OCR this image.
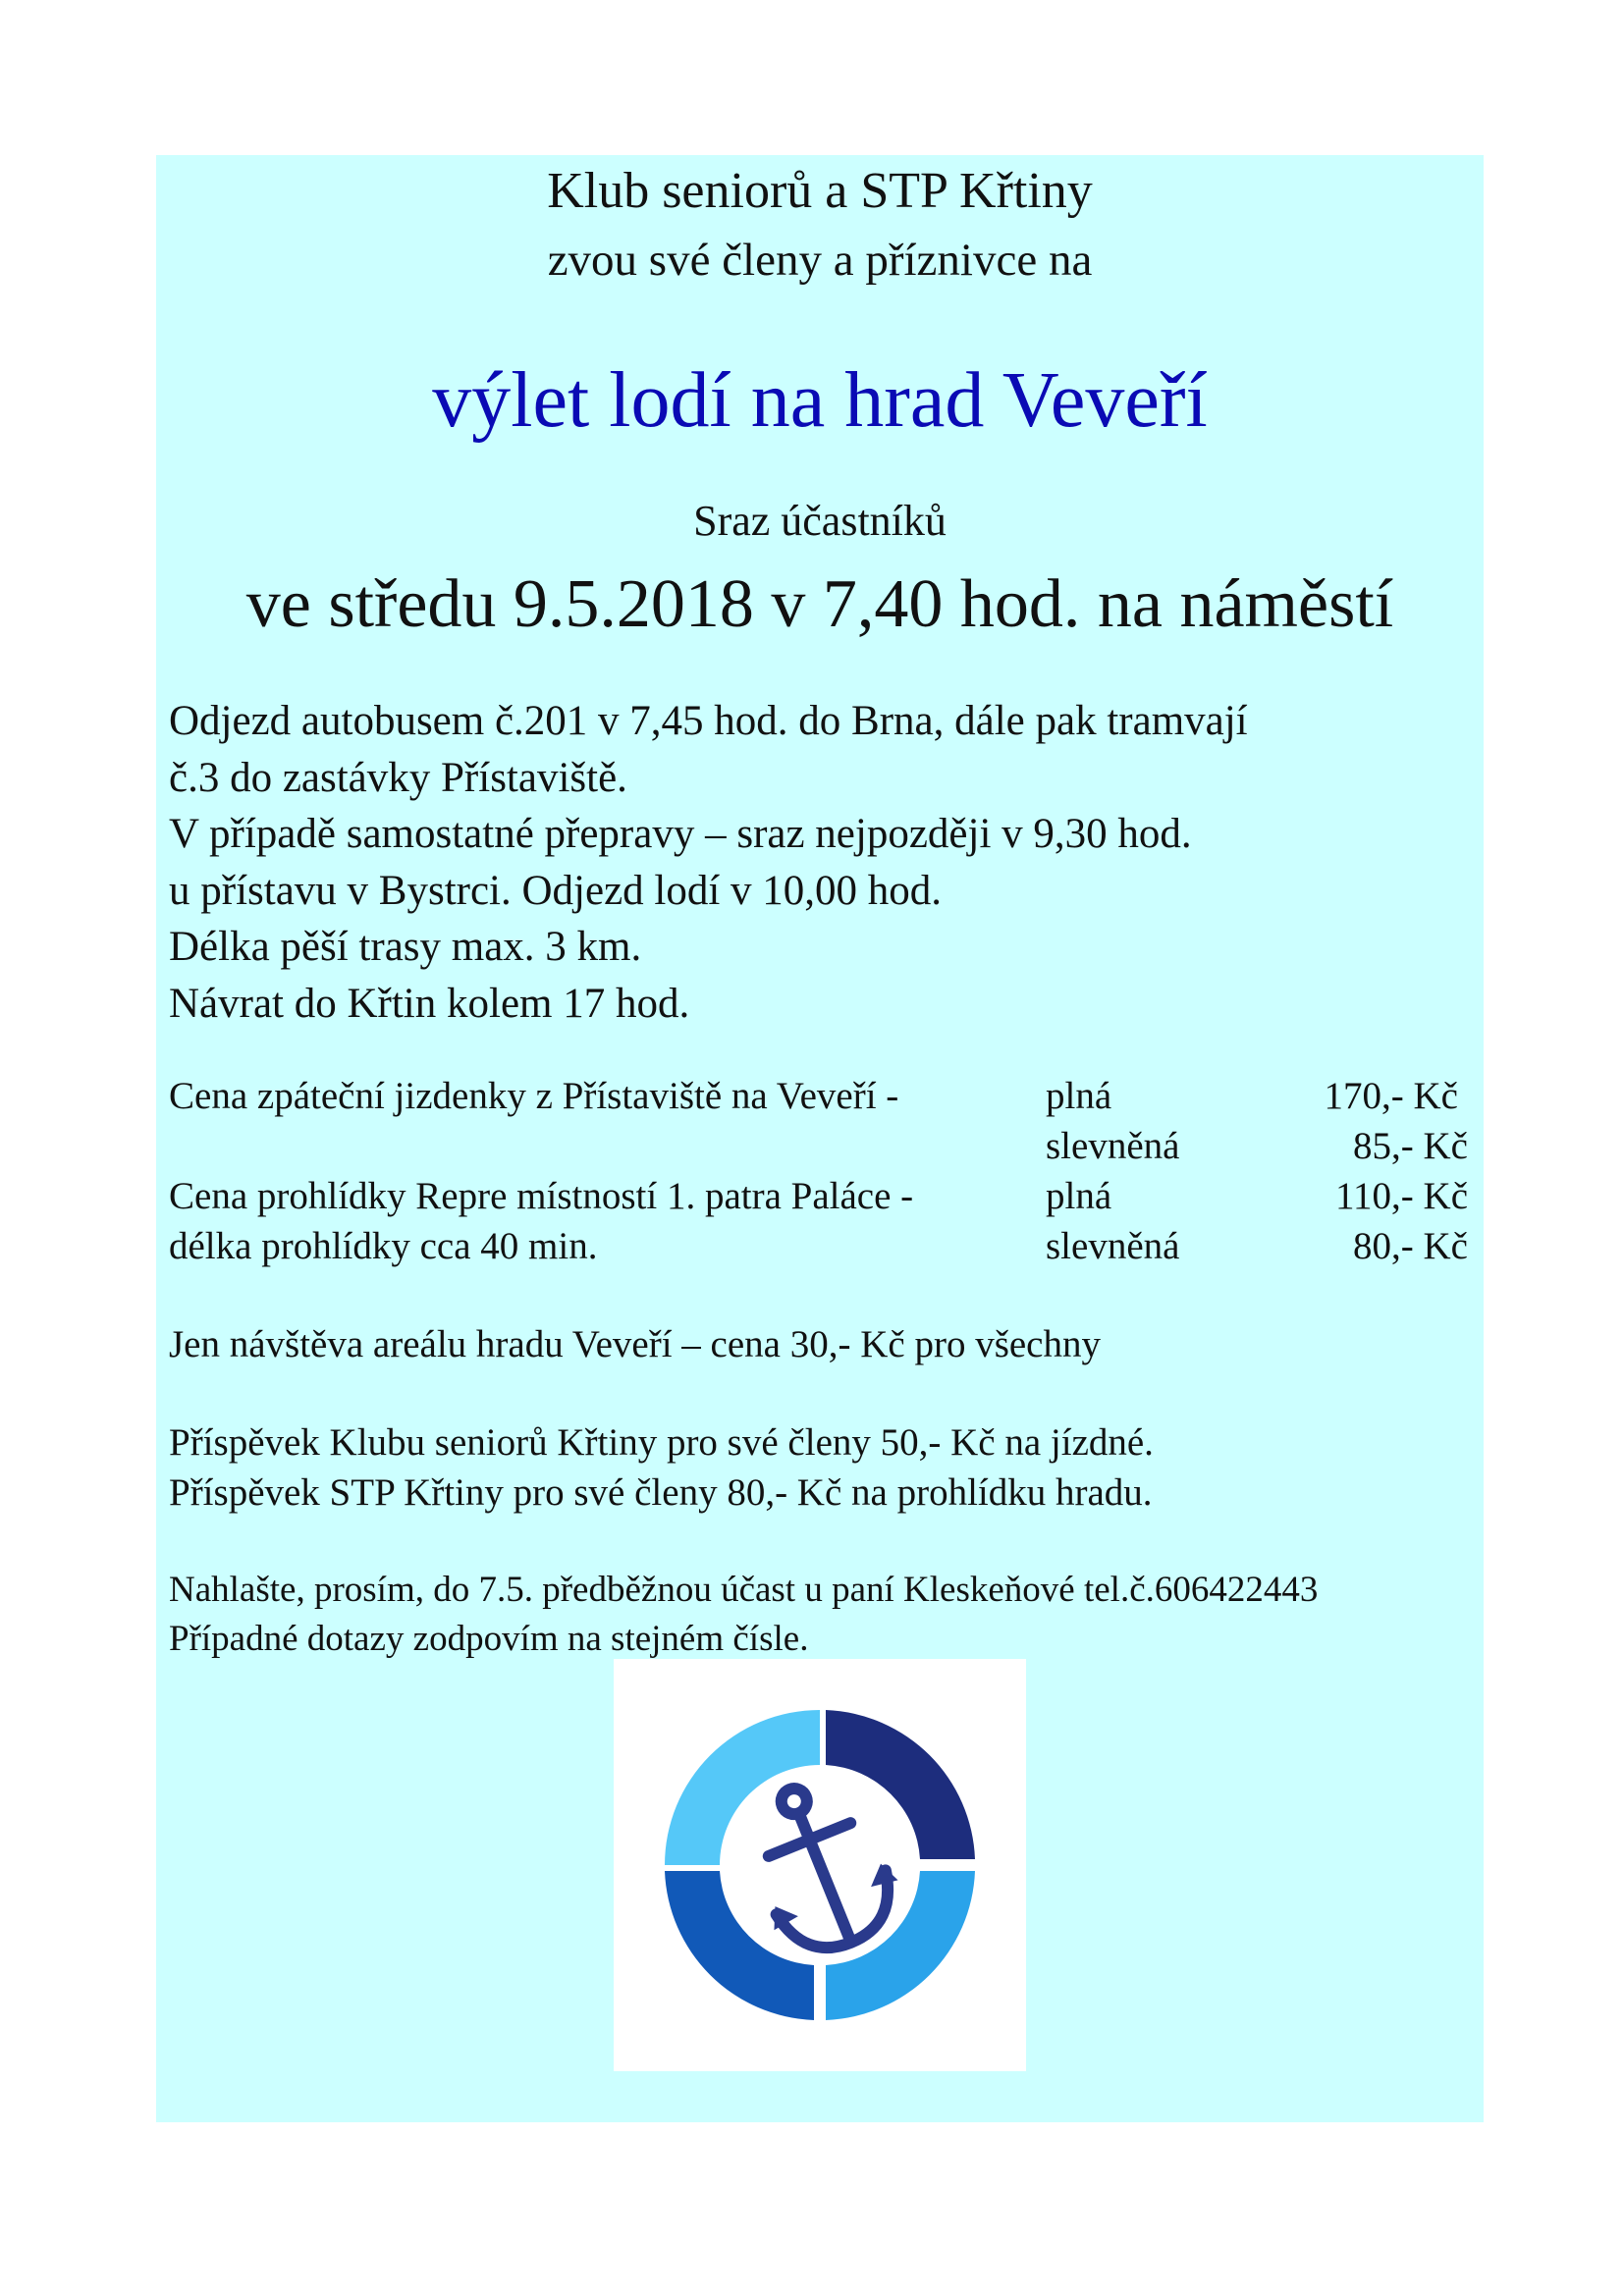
Klub seniorů a STP Křtiny

zvou své členy a příznivce na

výlet lodí na hrad Veveří

Sraz účastníků

ve středu 9.5.2018 v 7,40 hod. na náměstí

Odjezd autobusem č.201 v 7,45 hod. do Brna, dále pak tramvají
č.3 do zastávky Přístaviště.
V případě samostatné přepravy – sraz nejpozději v 9,30 hod.
u přístavu v Bystrci. Odjezd lodí v 10,00 hod.
Délka pěší trasy max. 3 km.
Návrat do Křtin kolem 17 hod.
Cena zpáteční jizdenky z Přístaviště na Veveří -	plná	170,- Kč
slevněná	85,- Kč
Cena prohlídky Repre místností 1. patra Paláce -	plná	110,- Kč
délka prohlídky cca 40 min.	slevněná	80,- Kč
Jen návštěva areálu hradu Veveří – cena 30,- Kč pro všechny
Příspěvek Klubu seniorů Křtiny pro své členy 50,- Kč na jízdné.
Příspěvek STP Křtiny pro své členy 80,- Kč na prohlídku hradu.
Nahlašte, prosím, do 7.5. předběžnou účast u paní Kleskeňové tel.č.606422443
Případné dotazy zodpovím na stejném čísle.
